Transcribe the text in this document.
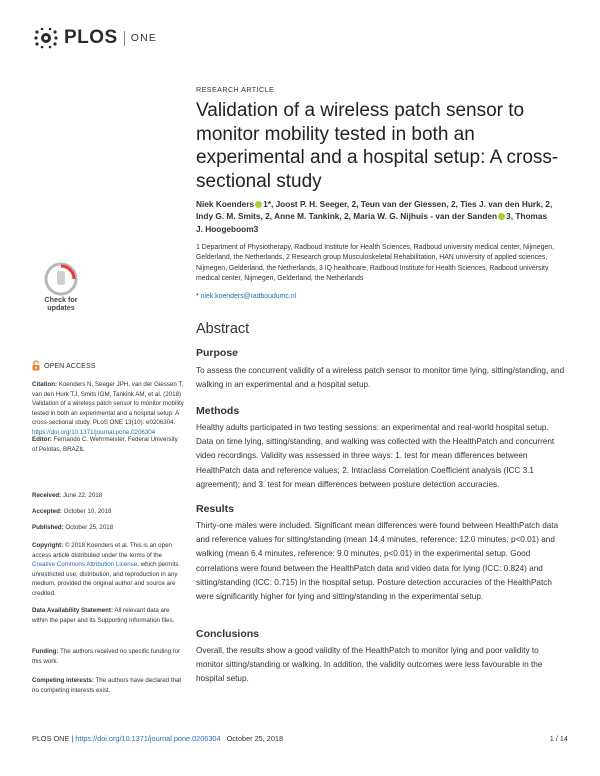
PLOS ONE
Check for
updates
OPEN ACCESS

Citation: Koenders N, Seeger JPH, van der Giessen T, van den Hurk TJ, Smits IGM, Tankink AM, et al. (2018) Validation of a wireless patch sensor to monitor mobility tested in both an experimental and a hospital setup: A cross-sectional study. PLoS ONE 13(10): e0206304. https://doi.org/10.1371/journal.pone.0206304

Editor: Fernando C. Wehrmeister, Federal University of Pelotas, BRAZIL

Received: June 22, 2018

Accepted: October 10, 2018

Published: October 25, 2018

Copyright: © 2018 Koenders et al. This is an open access article distributed under the terms of the Creative Commons Attribution License, which permits unrestricted use, distribution, and reproduction in any medium, provided the original author and source are credited.

Data Availability Statement: All relevant data are within the paper and its Supporting Information files.

Funding: The authors received no specific funding for this work.

Competing interests: The authors have declared that no competing interests exist.

RESEARCH ARTICLE
Validation of a wireless patch sensor to monitor mobility tested in both an experimental and a hospital setup: A cross-sectional study
Niek Koenders 1*, Joost P. H. Seeger, 2, Teun van der Giessen, 2, Ties J. van den Hurk, 2, Indy G. M. Smits, 2, Anne M. Tankink, 2, Maria W. G. Nijhuis - van der Sanden 3, Thomas J. Hoogeboom3
1 Department of Physiotherapy, Radboud Institute for Health Sciences, Radboud university medical center, Nijmegen, Gelderland, the Netherlands, 2 Research group Musculoskeletal Rehabilitation, HAN university of applied sciences, Nijmegen, Gelderland, the Netherlands, 3 IQ healthcare, Radboud Institute for Health Sciences, Radboud university medical center, Nijmegen, Gelderland, the Netherlands
* niek.koenders@radboudumc.nl
Abstract
Purpose

To assess the concurrent validity of a wireless patch sensor to monitor time lying, sitting/standing, and walking in an experimental and a hospital setup.

Methods

Healthy adults participated in two testing sessions: an experimental and real-world hospital setup. Data on time lying, sitting/standing, and walking was collected with the HealthPatch and concurrent video recordings. Validity was assessed in three ways: 1. test for mean differences between HealthPatch data and reference values; 2. Intraclass Correlation Coefficient analysis (ICC 3.1 agreement); and 3. test for mean differences between posture detection accuracies.

Results

Thirty-one males were included. Significant mean differences were found between HealthPatch data and reference values for sitting/standing (mean 14.4 minutes, reference: 12.0 minutes, p<0.01) and walking (mean 6.4 minutes, reference: 9.0 minutes, p<0.01) in the experimental setup. Good correlations were found between the HealthPatch data and video data for lying (ICC: 0.824) and sitting/standing (ICC: 0.715) in the hospital setup. Posture detection accuracies of the HealthPatch were significantly higher for lying and sitting/standing in the experimental setup.

Conclusions

Overall, the results show a good validity of the HealthPatch to monitor lying and poor validity to monitor sitting/standing or walking. In addition, the validity outcomes were less favourable in the hospital setup.

PLOS ONE | https://doi.org/10.1371/journal.pone.0206304 October 25, 2018	1 / 14
